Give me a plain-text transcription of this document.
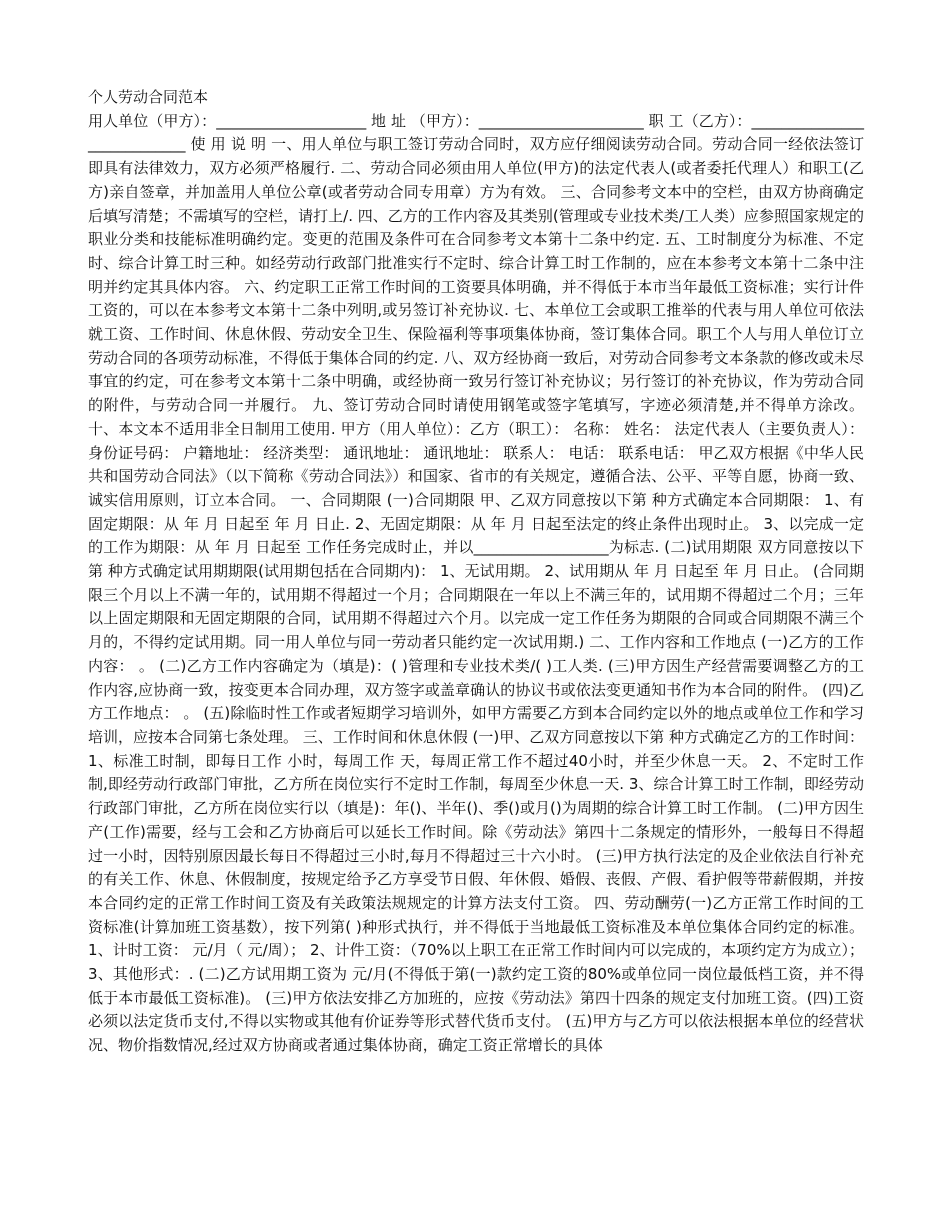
个人劳动合同范本

用人单位（甲方）：____________________ 地 址 （甲方）：______________________ 职 工（乙方）：____________________________ 使 用 说 明 一、用人单位与职工签订劳动合同时，双方应仔细阅读劳动合同。劳动合同一经依法签订即具有法律效力，双方必须严格履行. 二、劳动合同必须由用人单位(甲方)的法定代表人(或者委托代理人）和职工(乙方)亲自签章，并加盖用人单位公章(或者劳动合同专用章）方为有效。 三、合同参考文本中的空栏，由双方协商确定后填写清楚；不需填写的空栏，请打上/. 四、乙方的工作内容及其类别(管理或专业技术类/工人类）应参照国家规定的职业分类和技能标准明确约定。变更的范围及条件可在合同参考文本第十二条中约定. 五、工时制度分为标准、不定时、综合计算工时三种。如经劳动行政部门批准实行不定时、综合计算工时工作制的，应在本参考文本第十二条中注明并约定其具体内容。 六、约定职工正常工作时间的工资要具体明确，并不得低于本市当年最低工资标准；实行计件工资的，可以在本参考文本第十二条中列明,或另签订补充协议. 七、本单位工会或职工推举的代表与用人单位可依法就工资、工作时间、休息休假、劳动安全卫生、保险福利等事项集体协商，签订集体合同。职工个人与用人单位订立劳动合同的各项劳动标准，不得低于集体合同的约定. 八、双方经协商一致后，对劳动合同参考文本条款的修改或未尽事宜的约定，可在参考文本第十二条中明确，或经协商一致另行签订补充协议；另行签订的补充协议，作为劳动合同的附件，与劳动合同一并履行。 九、签订劳动合同时请使用钢笔或签字笔填写，字迹必须清楚,并不得单方涂改。 十、本文本不适用非全日制用工使用. 甲方（用人单位）：乙方（职工）： 名称： 姓名： 法定代表人（主要负责人）： 身份证号码： 户籍地址： 经济类型： 通讯地址： 通讯地址： 联系人： 电话： 联系电话： 甲乙双方根据《中华人民共和国劳动合同法》（以下简称《劳动合同法》）和国家、省市的有关规定，遵循合法、公平、平等自愿，协商一致、诚实信用原则，订立本合同。 一、合同期限 (一)合同期限 甲、乙双方同意按以下第 种方式确定本合同期限： 1、有固定期限：从 年 月 日起至 年 月 日止. 2、无固定期限：从 年 月 日起至法定的终止条件出现时止。 3、以完成一定的工作为期限：从 年 月 日起至 工作任务完成时止，并以__________________为标志. (二)试用期限 双方同意按以下第 种方式确定试用期期限(试用期包括在合同期内)： 1、无试用期。 2、试用期从 年 月 日起至 年 月 日止。 (合同期限三个月以上不满一年的，试用期不得超过一个月；合同期限在一年以上不满三年的，试用期不得超过二个月；三年以上固定期限和无固定期限的合同，试用期不得超过六个月。以完成一定工作任务为期限的合同或合同期限不满三个月的，不得约定试用期。同一用人单位与同一劳动者只能约定一次试用期.) 二、工作内容和工作地点 (一)乙方的工作内容： 。 (二)乙方工作内容确定为（填是)：( )管理和专业技术类/( )工人类. (三)甲方因生产经营需要调整乙方的工作内容,应协商一致，按变更本合同办理，双方签字或盖章确认的协议书或依法变更通知书作为本合同的附件。 (四)乙方工作地点： 。 (五)除临时性工作或者短期学习培训外，如甲方需要乙方到本合同约定以外的地点或单位工作和学习培训，应按本合同第七条处理。 三、工作时间和休息休假 (一)甲、乙双方同意按以下第 种方式确定乙方的工作时间： 1、标准工时制，即每日工作 小时，每周工作 天，每周正常工作不超过40小时，并至少休息一天。 2、不定时工作制,即经劳动行政部门审批，乙方所在岗位实行不定时工作制，每周至少休息一天. 3、综合计算工时工作制，即经劳动行政部门审批，乙方所在岗位实行以（填是)：年()、半年()、季()或月()为周期的综合计算工时工作制。 (二)甲方因生产(工作)需要，经与工会和乙方协商后可以延长工作时间。除《劳动法》第四十二条规定的情形外，一般每日不得超过一小时，因特别原因最长每日不得超过三小时,每月不得超过三十六小时。 (三)甲方执行法定的及企业依法自行补充的有关工作、休息、休假制度，按规定给予乙方享受节日假、年休假、婚假、丧假、产假、看护假等带薪假期，并按本合同约定的正常工作时间工资及有关政策法规规定的计算方法支付工资。 四、劳动酬劳(一)乙方正常工作时间的工资标准(计算加班工资基数），按下列第( )种形式执行，并不得低于当地最低工资标准及本单位集体合同约定的标准。 1、计时工资： 元/月（ 元/周）； 2、计件工资：（70%以上职工在正常工作时间内可以完成的，本项约定方为成立）； 3、其他形式：. (二)乙方试用期工资为 元/月(不得低于第(一)款约定工资的80%或单位同一岗位最低档工资，并不得低于本市最低工资标准)。 (三)甲方依法安排乙方加班的，应按《劳动法》第四十四条的规定支付加班工资。(四)工资必须以法定货币支付,不得以实物或其他有价证券等形式替代货币支付。 (五)甲方与乙方可以依法根据本单位的经营状况、物价指数情况,经过双方协商或者通过集体协商，确定工资正常增长的具体
